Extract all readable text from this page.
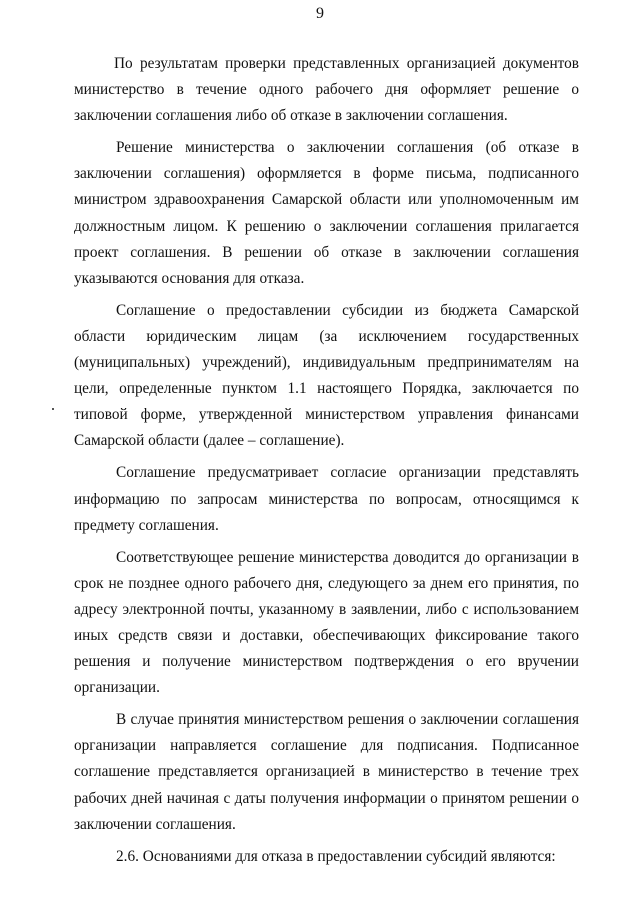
9

По результатам проверки представленных организацией документов министерство в течение одного рабочего дня оформляет решение о заключении соглашения либо об отказе в заключении соглашения.

Решение министерства о заключении соглашения (об отказе в заключении соглашения) оформляется в форме письма, подписанного министром здравоохранения Самарской области или уполномоченным им должностным лицом. К решению о заключении соглашения прилагается проект соглашения. В решении об отказе в заключении соглашения указываются основания для отказа.

Соглашение о предоставлении субсидии из бюджета Самарской области юридическим лицам (за исключением государственных (муниципальных) учреждений), индивидуальным предпринимателям на цели, определенные пунктом 1.1 настоящего Порядка, заключается по типовой форме, утвержденной министерством управления финансами Самарской области (далее – соглашение).

Соглашение предусматривает согласие организации представлять информацию по запросам министерства по вопросам, относящимся к предмету соглашения.

Соответствующее решение министерства доводится до организации в срок не позднее одного рабочего дня, следующего за днем его принятия, по адресу электронной почты, указанному в заявлении, либо с использованием иных средств связи и доставки, обеспечивающих фиксирование такого решения и получение министерством подтверждения о его вручении организации.

В случае принятия министерством решения о заключении соглашения организации направляется соглашение для подписания. Подписанное соглашение представляется организацией в министерство в течение трех рабочих дней начиная с даты получения информации о принятом решении о заключении соглашения.

2.6. Основаниями для отказа в предоставлении субсидий являются:
